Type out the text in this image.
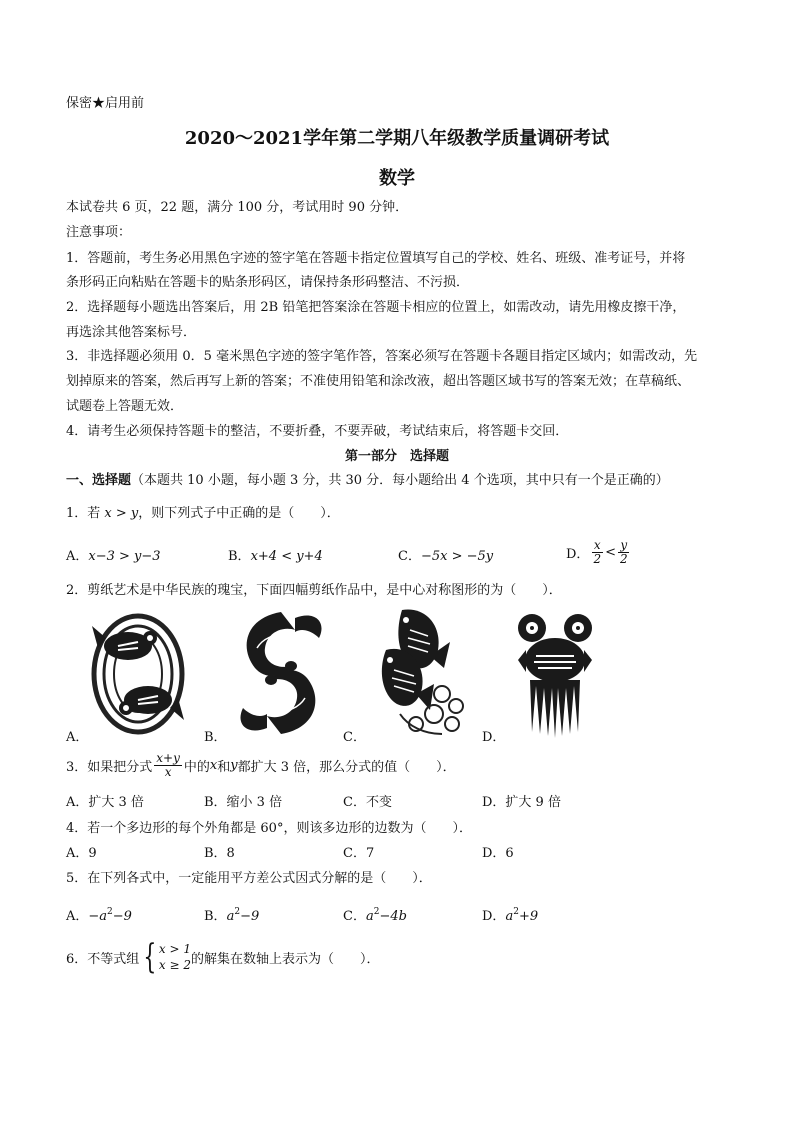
保密★启用前
2020～2021学年第二学期八年级教学质量调研考试
数学
本试卷共 6 页，22 题，满分 100 分，考试用时 90 分钟．
注意事项：
1．答题前，考生务必用黑色字迹的签字笔在答题卡指定位置填写自己的学校、姓名、班级、准考证号，并将
条形码正向粘贴在答题卡的贴条形码区，请保持条形码整洁、不污损．
2．选择题每小题选出答案后，用 2B 铅笔把答案涂在答题卡相应的位置上，如需改动，请先用橡皮擦干净，
再选涂其他答案标号．
3．非选择题必须用 0．5 毫米黑色字迹的签字笔作答，答案必须写在答题卡各题目指定区域内；如需改动，先
划掉原来的答案，然后再写上新的答案；不准使用铅笔和涂改液，超出答题区域书写的答案无效；在草稿纸、
试题卷上答题无效．
4．请考生必须保持答题卡的整洁，不要折叠，不要弄破，考试结束后，将答题卡交回．
第一部分　选择题
一、选择题（本题共 10 小题，每小题 3 分，共 30 分．每小题给出 4 个选项，其中只有一个是正确的）
1．若 x > y，则下列式子中正确的是（　　）．
A．x−3 > y−3	B．x+4 < y+4	C．−5x > −5y	D． $\frac{x}{2} < \frac{y}{2}$
2．剪纸艺术是中华民族的瑰宝，下面四幅剪纸作品中，是中心对称图形的为（　　）．
A．	B．	C．	D．
3．如果把分式 $\frac{x+y}{x}$ 中的 x 和 y 都扩大 3 倍，那么分式的值（　　）．
A．扩大 3 倍	B．缩小 3 倍	C．不变	D．扩大 9 倍
4．若一个多边形的每个外角都是 60°，则该多边形的边数为（　　）．
A．9	B．8	C．7	D．6
5．在下列各式中，一定能用平方差公式因式分解的是（　　）．
A．$-a^2-9$	B．$a^2-9$	C．$a^2-4b$	D．$a^2+9$
6．不等式组 { x > 1
x ≥ 2 的解集在数轴上表示为（　　）．
